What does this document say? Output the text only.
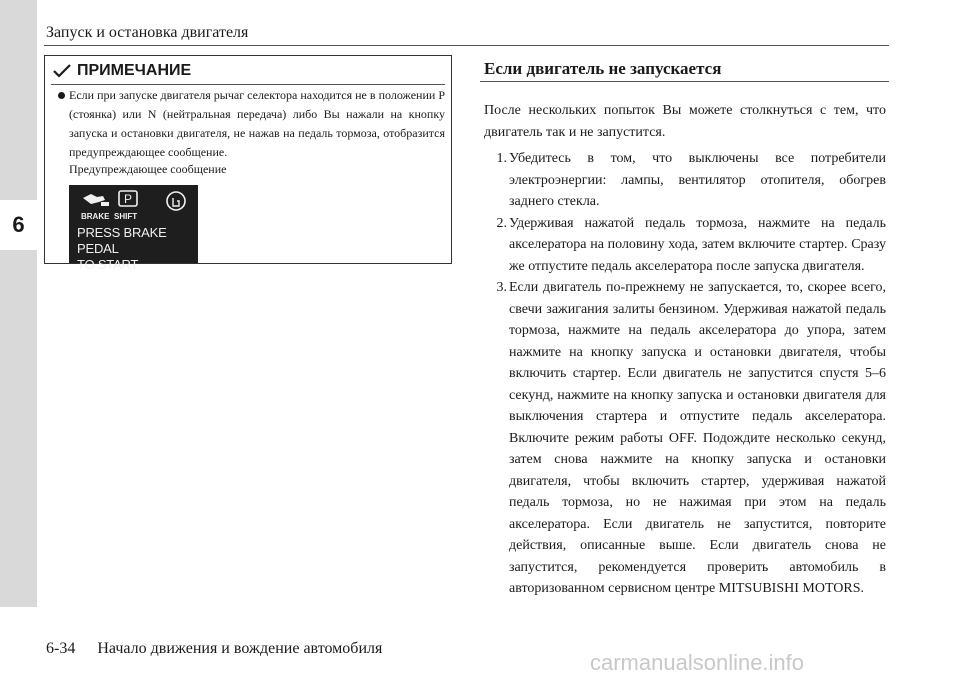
6
Запуск и остановка двигателя
ПРИМЕЧАНИЕ
Если при запуске двигателя рычаг селектора находится не в положении P (стоянка) или N (нейтральная передача) либо Вы нажали на кнопку запуска и остановки двигателя, не нажав на педаль тормоза, отобразится предупреждающее сообщение.
Предупреждающее сообщение
P
BRAKE SHIFT
PRESS BRAKE PEDAL
TO START
Если двигатель не запускается
После нескольких попыток Вы можете столкнуться с тем, что двигатель так и не запустится.
1. Убедитесь в том, что выключены все потребители электроэнергии: лампы, вентилятор отопителя, обогрев заднего стекла.
2. Удерживая нажатой педаль тормоза, нажмите на педаль акселератора на половину хода, затем включите стартер. Сразу же отпустите педаль акселератора после запуска двигателя.
3. Если двигатель по-прежнему не запускается, то, скорее всего, свечи зажигания залиты бензином. Удерживая нажатой педаль тормоза, нажмите на педаль акселератора до упора, затем нажмите на кнопку запуска и остановки двигателя, чтобы включить стартер. Если двигатель не запустится спустя 5–6 секунд, нажмите на кнопку запуска и остановки двигателя для выключения стартера и отпустите педаль акселератора. Включите режим работы OFF. Подождите несколько секунд, затем снова нажмите на кнопку запуска и остановки двигателя, чтобы включить стартер, удерживая нажатой педаль тормоза, но не нажимая при этом на педаль акселератора. Если двигатель не запустится, повторите действия, описанные выше. Если двигатель снова не запустится, рекомендуется проверить автомобиль в авторизованном сервисном центре MITSUBISHI MOTORS.
6-34 Начало движения и вождение автомобиля
carmanualsonline.info
